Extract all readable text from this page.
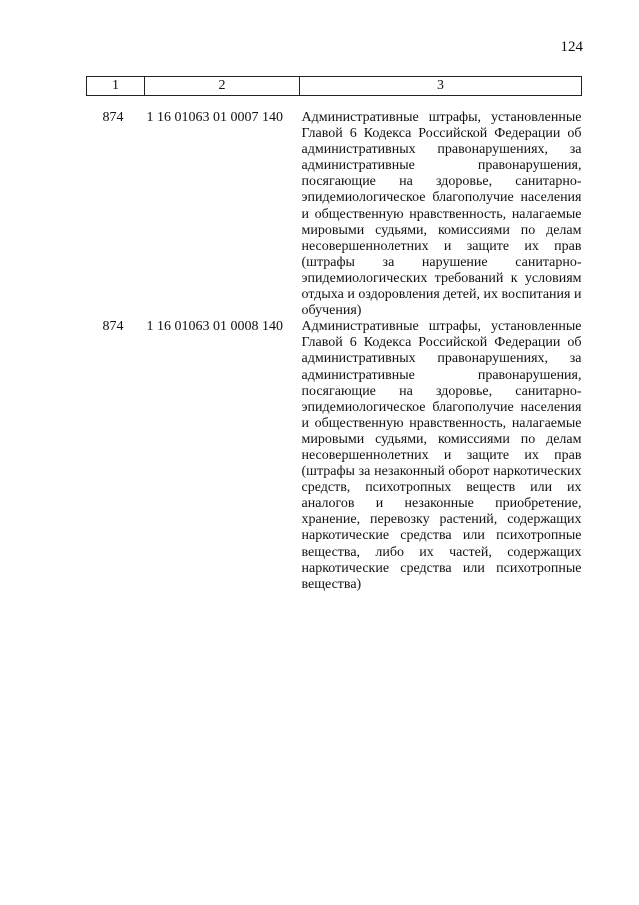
124
1	2	3

874	1 16 01063 01 0007 140	Административные штрафы, установленные Главой 6 Кодекса Российской Федерации об административных правонарушениях, за административные правонарушения, посягающие на здоровье, санитарно-эпидемиологическое благополучие населения и общественную нравственность, налагаемые мировыми судьями, комиссиями по делам несовершеннолетних и защите их прав (штрафы за нарушение санитарно-эпидемиологических требований к условиям отдыха и оздоровления детей, их воспитания и обучения)
874	1 16 01063 01 0008 140	Административные штрафы, установленные Главой 6 Кодекса Российской Федерации об административных правонарушениях, за административные правонарушения, посягающие на здоровье, санитарно-эпидемиологическое благополучие населения и общественную нравственность, налагаемые мировыми судьями, комиссиями по делам несовершеннолетних и защите их прав (штрафы за незаконный оборот наркотических средств, психотропных веществ или их аналогов и незаконные приобретение, хранение, перевозку растений, содержащих наркотические средства или психотропные вещества, либо их частей, содержащих наркотические средства или психотропные вещества)
